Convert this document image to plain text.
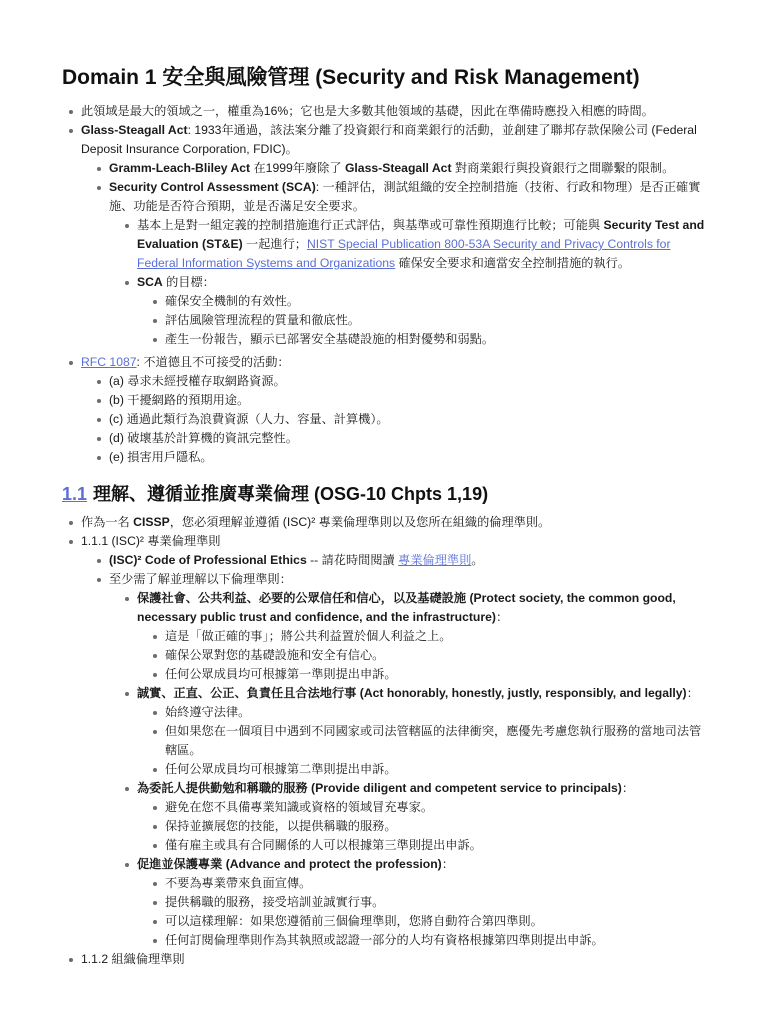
Domain 1 安全與風險管理 (Security and Risk Management)
此領域是最大的領域之一，權重為16%；它也是大多數其他領域的基礎，因此在準備時應投入相應的時間。
Glass-Steagall Act: 1933年通過，該法案分離了投資銀行和商業銀行的活動，並創建了聯邦存款保險公司 (Federal Deposit Insurance Corporation, FDIC)。
Gramm-Leach-Bliley Act 在1999年廢除了 Glass-Steagall Act 對商業銀行與投資銀行之間聯繫的限制。
Security Control Assessment (SCA): 一種評估，測試組織的安全控制措施（技術、行政和物理）是否正確實施、功能是否符合預期，並是否滿足安全要求。
基本上是對一組定義的控制措施進行正式評估，與基準或可靠性預期進行比較；可能與 Security Test and Evaluation (ST&E) 一起進行；NIST Special Publication 800-53A Security and Privacy Controls for Federal Information Systems and Organizations 確保安全要求和適當安全控制措施的執行。
SCA 的目標：
確保安全機制的有效性。
評估風險管理流程的質量和徹底性。
產生一份報告，顯示已部署安全基礎設施的相對優勢和弱點。
RFC 1087: 不道德且不可接受的活動：
(a) 尋求未經授權存取網路資源。
(b) 干擾網路的預期用途。
(c) 通過此類行為浪費資源（人力、容量、計算機）。
(d) 破壞基於計算機的資訊完整性。
(e) 損害用戶隱私。
1.1 理解、遵循並推廣專業倫理 (OSG-10 Chpts 1,19)
作為一名 CISSP，您必須理解並遵循 (ISC)² 專業倫理準則以及您所在組織的倫理準則。
1.1.1 (ISC)² 專業倫理準則
(ISC)² Code of Professional Ethics -- 請花時間閱讀 專業倫理準則。
至少需了解並理解以下倫理準則：
保護社會、公共利益、必要的公眾信任和信心，以及基礎設施 (Protect society, the common good, necessary public trust and confidence, and the infrastructure)：
這是「做正確的事」；將公共利益置於個人利益之上。
確保公眾對您的基礎設施和安全有信心。
任何公眾成員均可根據第一準則提出申訴。
誠實、正直、公正、負責任且合法地行事 (Act honorably, honestly, justly, responsibly, and legally)：
始終遵守法律。
但如果您在一個項目中遇到不同國家或司法管轄區的法律衝突，應優先考慮您執行服務的當地司法管轄區。
任何公眾成員均可根據第二準則提出申訴。
為委託人提供勤勉和稱職的服務 (Provide diligent and competent service to principals)：
避免在您不具備專業知識或資格的領域冒充專家。
保持並擴展您的技能，以提供稱職的服務。
僅有雇主或具有合同關係的人可以根據第三準則提出申訴。
促進並保護專業 (Advance and protect the profession)：
不要為專業帶來負面宣傳。
提供稱職的服務，接受培訓並誠實行事。
可以這樣理解：如果您遵循前三個倫理準則，您將自動符合第四準則。
任何訂閱倫理準則作為其執照或認證一部分的人均有資格根據第四準則提出申訴。
1.1.2 組織倫理準則
